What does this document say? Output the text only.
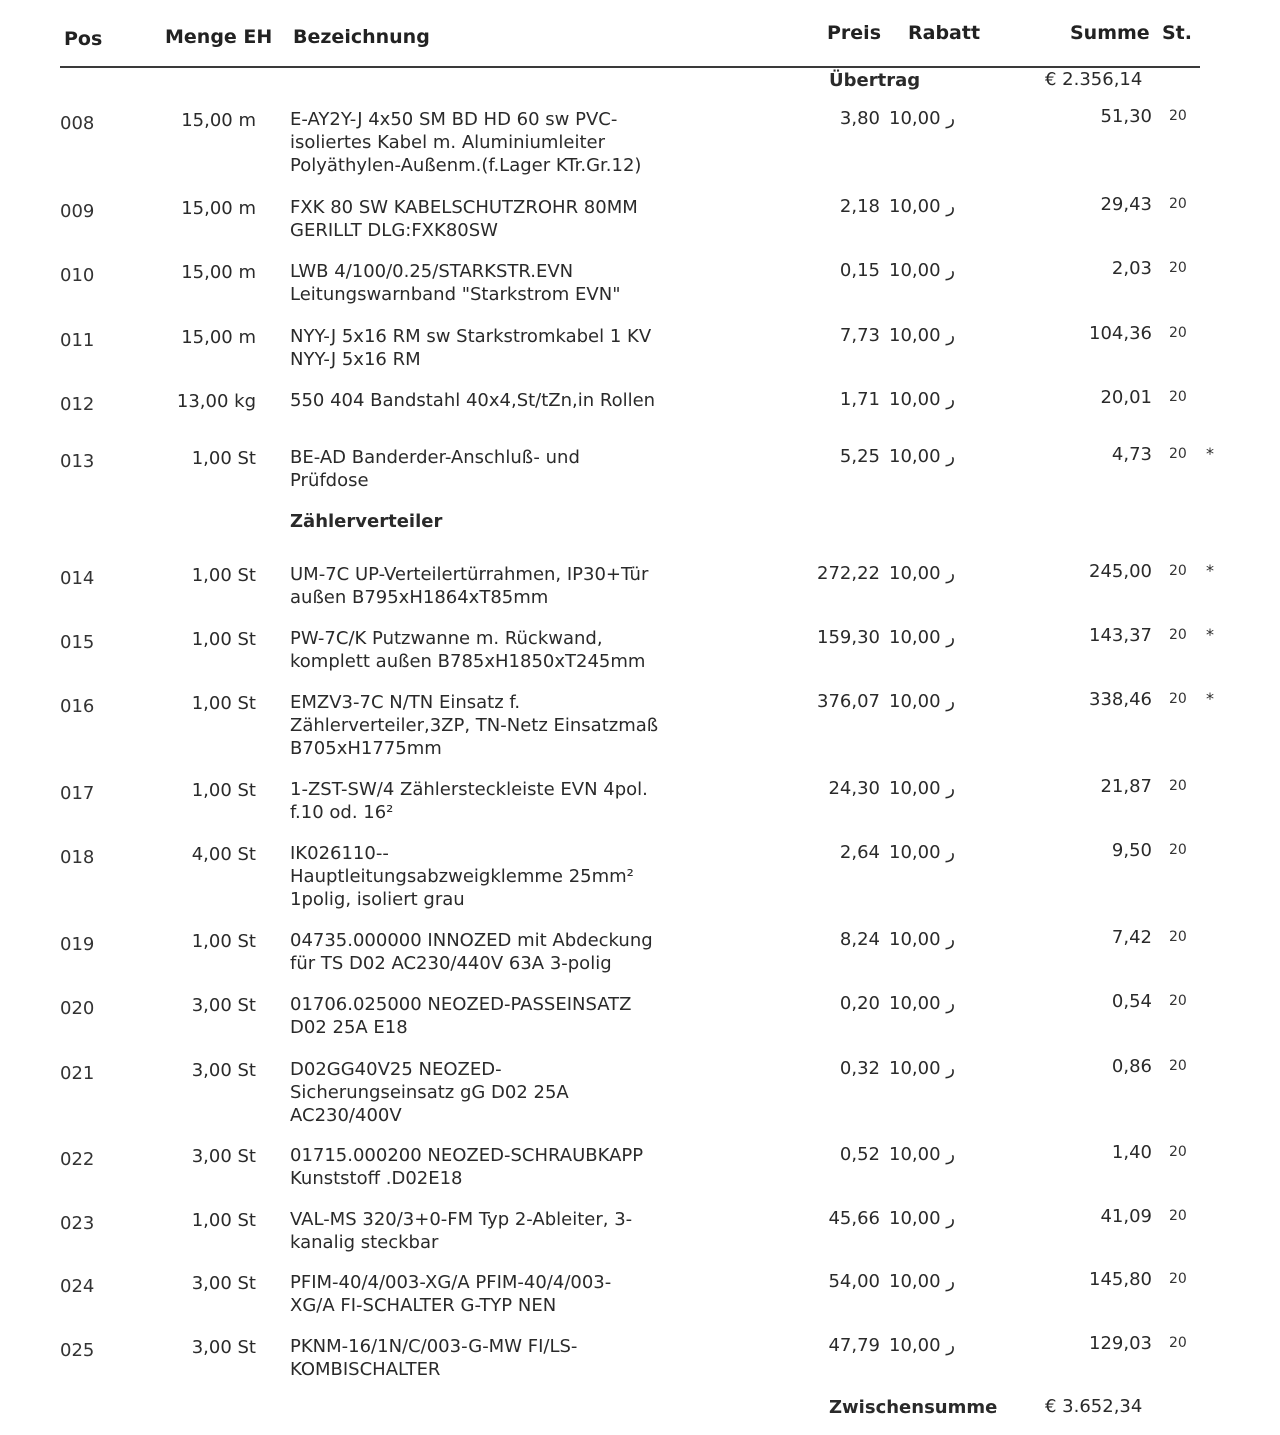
Pos	Menge EH Bezeichnung	Preis Rabatt	Summe St.
Übertrag	€ 2.356,14
Zählerverteiler
008	15,00 m E-AY2Y-J 4x50 SM BD HD 60 sw PVC-
isoliertes Kabel m. Aluminiumleiter
Polyäthylen-Außenm.(f.Lager KTr.Gr.12)
3,80 10,00 ر	51,30 20
009	15,00 m FXK 80 SW KABELSCHUTZROHR 80MM
GERILLT DLG:FXK80SW
2,18 10,00 ر	29,43 20
010	15,00 m LWB 4/100/0.25/STARKSTR.EVN
Leitungswarnband "Starkstrom EVN"
0,15 10,00 ر	2,03 20
011	15,00 m NYY-J 5x16 RM sw Starkstromkabel 1 KV
NYY-J 5x16 RM
7,73 10,00 ر	104,36 20
012	13,00 kg 550 404 Bandstahl 40x4,St/tZn,in Rollen	1,71 10,00 ر	20,01 20
013	1,00 St BE-AD Banderder-Anschluß- und
Prüfdose
5,25 10,00 ر	4,73 20 *
014	1,00 St UM-7C UP-Verteilertürrahmen, IP30+Tür
außen B795xH1864xT85mm
272,22 10,00 ر	245,00 20 *
015	1,00 St PW-7C/K Putzwanne m. Rückwand,
komplett außen B785xH1850xT245mm
159,30 10,00 ر	143,37 20 *
016	1,00 St EMZV3-7C N/TN Einsatz f.
Zählerverteiler,3ZP, TN-Netz Einsatzmaß
B705xH1775mm
376,07 10,00 ر	338,46 20 *
017	1,00 St 1-ZST-SW/4 Zählersteckleiste EVN 4pol.
f.10 od. 16²
24,30 10,00 ر	21,87 20
018	4,00 St IK026110--
Hauptleitungsabzweigklemme 25mm²
1polig, isoliert grau
2,64 10,00 ر	9,50 20
019	1,00 St 04735.000000 INNOZED mit Abdeckung
für TS D02 AC230/440V 63A 3-polig
8,24 10,00 ر	7,42 20
020	3,00 St 01706.025000 NEOZED-PASSEINSATZ
D02 25A E18
0,20 10,00 ر	0,54 20
021	3,00 St D02GG40V25 NEOZED-
Sicherungseinsatz gG D02 25A
AC230/400V
0,32 10,00 ر	0,86 20
022	3,00 St 01715.000200 NEOZED-SCHRAUBKAPP
Kunststoff .D02E18
0,52 10,00 ر	1,40 20
023	1,00 St VAL-MS 320/3+0-FM Typ 2-Ableiter, 3-
kanalig steckbar
45,66 10,00 ر	41,09 20
024	3,00 St PFIM-40/4/003-XG/A PFIM-40/4/003-
XG/A FI-SCHALTER G-TYP NEN
54,00 10,00 ر	145,80 20
025	3,00 St PKNM-16/1N/C/003-G-MW FI/LS-
KOMBISCHALTER
47,79 10,00 ر	129,03 20
Zwischensumme	€ 3.652,34
